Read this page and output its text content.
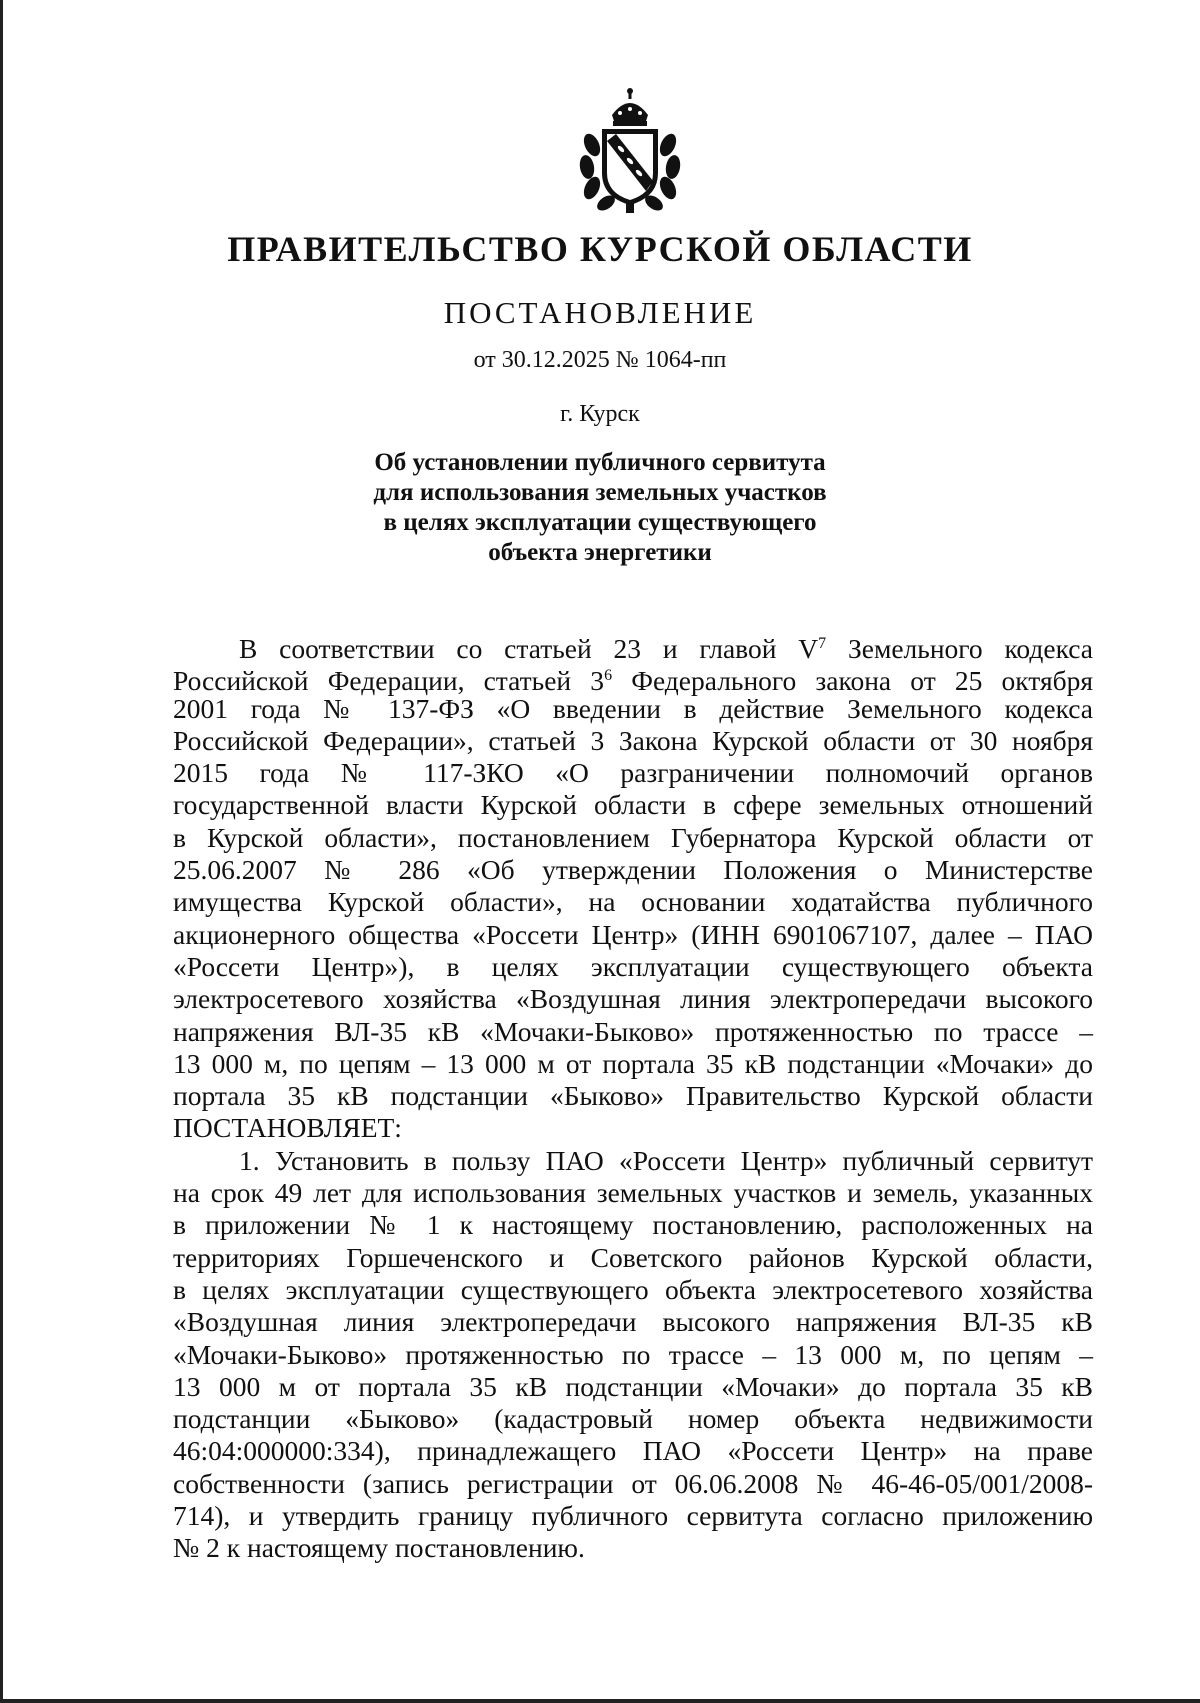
ПРАВИТЕЛЬСТВО КУРСКОЙ ОБЛАСТИ
ПОСТАНОВЛЕНИЕ
от 30.12.2025 № 1064-пп
г. Курск
Об установлении публичного сервитута
для использования земельных участков
в целях эксплуатации существующего
объекта энергетики
В соответствии со статьей 23 и главой $V^7$ Земельного кодекса
Российской Федерации, статьей $3^6$ Федерального закона от 25 октября
2001 года № 137-ФЗ «О введении в действие Земельного кодекса
Российской Федерации», статьей 3 Закона Курской области от 30 ноября
2015 года № 117-ЗКО «О разграничении полномочий органов
государственной власти Курской области в сфере земельных отношений
в Курской области», постановлением Губернатора Курской области от
25.06.2007 № 286 «Об утверждении Положения о Министерстве
имущества Курской области», на основании ходатайства публичного
акционерного общества «Россети Центр» (ИНН 6901067107, далее – ПАО
«Россети Центр»), в целях эксплуатации существующего объекта
электросетевого хозяйства «Воздушная линия электропередачи высокого
напряжения ВЛ-35 кВ «Мочаки-Быково» протяженностью по трассе –
13 000 м, по цепям – 13 000 м от портала 35 кВ подстанции «Мочаки» до
портала 35 кВ подстанции «Быково» Правительство Курской области
ПОСТАНОВЛЯЕТ:
1. Установить в пользу ПАО «Россети Центр» публичный сервитут
на срок 49 лет для использования земельных участков и земель, указанных
в приложении № 1 к настоящему постановлению, расположенных на
территориях Горшеченского и Советского районов Курской области,
в целях эксплуатации существующего объекта электросетевого хозяйства
«Воздушная линия электропередачи высокого напряжения ВЛ-35 кВ
«Мочаки-Быково» протяженностью по трассе – 13 000 м, по цепям –
13 000 м от портала 35 кВ подстанции «Мочаки» до портала 35 кВ
подстанции «Быково» (кадастровый номер объекта недвижимости
46:04:000000:334), принадлежащего ПАО «Россети Центр» на праве
собственности (запись регистрации от 06.06.2008 № 46-46-05/001/2008-
714), и утвердить границу публичного сервитута согласно приложению
№ 2 к настоящему постановлению.
